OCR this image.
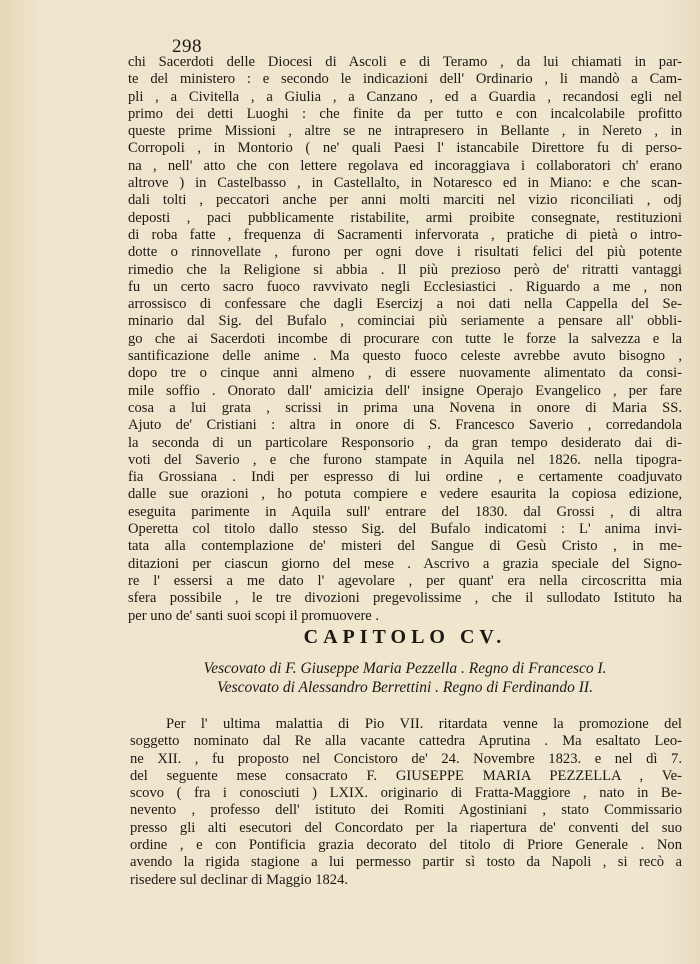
298
chi Sacerdoti delle Diocesi di Ascoli e di Teramo , da lui chiamati in par-
te del ministero : e secondo le indicazioni dell' Ordinario , li mandò a Cam-
pli , a Civitella , a Giulia , a Canzano , ed a Guardia , recandosi egli nel
primo dei detti Luoghi : che finite da per tutto e con incalcolabile profitto
queste prime Missioni , altre se ne intrapresero in Bellante , in Nereto , in
Corropoli , in Montorio ( ne' quali Paesi l' istancabile Direttore fu di perso-
na , nell' atto che con lettere regolava ed incoraggiava i collaboratori ch' erano
altrove ) in Castelbasso , in Castellalto, in Notaresco ed in Miano: e che scan-
dali tolti , peccatori anche per anni molti marciti nel vizio riconciliati , odj
deposti , paci pubblicamente ristabilite, armi proibite consegnate, restituzioni
di roba fatte , frequenza di Sacramenti infervorata , pratiche di pietà o intro-
dotte o rinnovellate , furono per ogni dove i risultati felici del più potente
rimedio che la Religione si abbia . Il più prezioso però de' ritratti vantaggi
fu un certo sacro fuoco ravvivato negli Ecclesiastici . Riguardo a me , non
arrossisco di confessare che dagli Esercizj a noi dati nella Cappella del Se-
minario dal Sig. del Bufalo , cominciai più seriamente a pensare all' obbli-
go che ai Sacerdoti incombe di procurare con tutte le forze la salvezza e la
santificazione delle anime . Ma questo fuoco celeste avrebbe avuto bisogno ,
dopo tre o cinque anni almeno , di essere nuovamente alimentato da consi-
mile soffio . Onorato dall' amicizia dell' insigne Operajo Evangelico , per fare
cosa a lui grata , scrissi in prima una Novena in onore di Maria SS.
Ajuto de' Cristiani : altra in onore di S. Francesco Saverio , corredandola
la seconda di un particolare Responsorio , da gran tempo desiderato dai di-
voti del Saverio , e che furono stampate in Aquila nel 1826. nella tipogra-
fia Grossiana . Indi per espresso di lui ordine , e certamente coadjuvato
dalle sue orazioni , ho potuta compiere e vedere esaurita la copiosa edizione,
eseguita parimente in Aquila sull' entrare del 1830. dal Grossi , di altra
Operetta col titolo dallo stesso Sig. del Bufalo indicatomi : L' anima invi-
tata alla contemplazione de' misteri del Sangue di Gesù Cristo , in me-
ditazioni per ciascun giorno del mese . Ascrivo a grazia speciale del Signo-
re l' essersi a me dato l' agevolare , per quant' era nella circoscritta mia
sfera possibile , le tre divozioni pregevolissime , che il sullodato Istituto ha
per uno de' santi suoi scopi il promuovere .
CAPITOLO CV.
Vescovato di F. Giuseppe Maria Pezzella . Regno di Francesco I.
Vescovato di Alessandro Berrettini . Regno di Ferdinando II.
Per l' ultima malattia di Pio VII. ritardata venne la promozione del
soggetto nominato dal Re alla vacante cattedra Aprutina . Ma esaltato Leo-
ne XII. , fu proposto nel Concistoro de' 24. Novembre 1823. e nel dì 7.
del seguente mese consacrato F. GIUSEPPE MARIA PEZZELLA , Ve-
scovo ( fra i conosciuti ) LXIX. originario di Fratta-Maggiore , nato in Be-
nevento , professo dell' istituto dei Romiti Agostiniani , stato Commissario
presso gli alti esecutori del Concordato per la riapertura de' conventi del suo
ordine , e con Pontificia grazia decorato del titolo di Priore Generale . Non
avendo la rigida stagione a lui permesso partir sì tosto da Napoli , si recò a
risedere sul declinar di Maggio 1824.
